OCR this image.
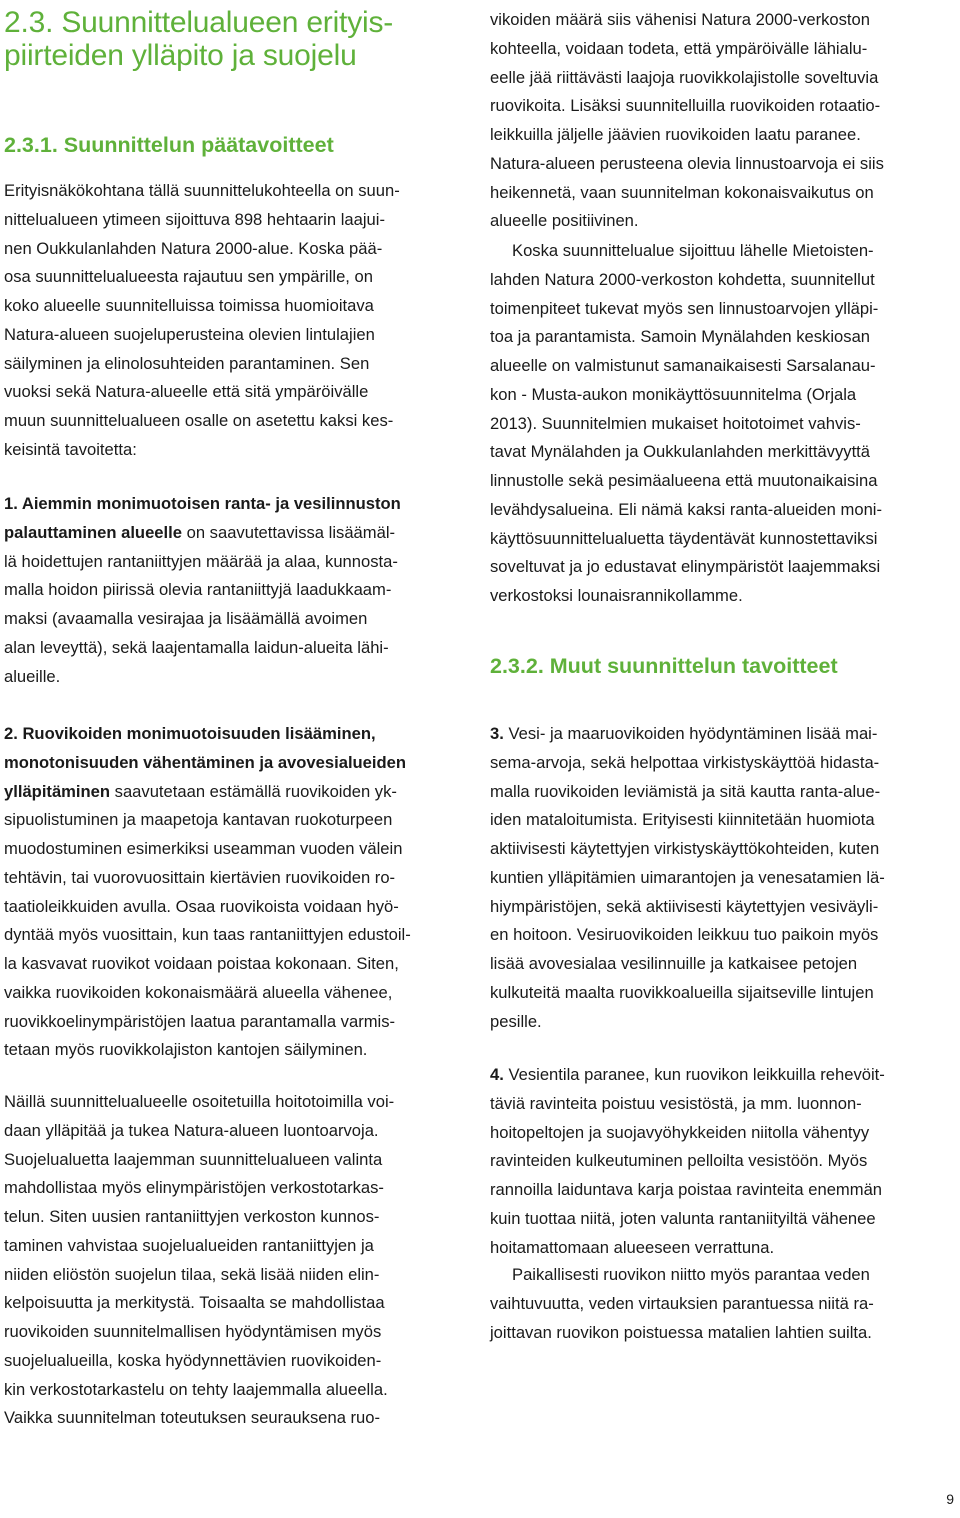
2.3. Suunnittelualueen erityis-
piirteiden ylläpito ja suojelu
2.3.1. Suunnittelun päätavoitteet

Erityisnäkökohtana tällä suunnittelukohteella on suun-
nittelualueen ytimeen sijoittuva 898 hehtaarin laajui-
nen Oukkulanlahden Natura 2000-alue. Koska pää-
osa suunnittelualueesta rajautuu sen ympärille, on
koko alueelle suunnitelluissa toimissa huomioitava
Natura-alueen suojeluperusteina olevien lintulajien
säilyminen ja elinolosuhteiden parantaminen. Sen
vuoksi sekä Natura-alueelle että sitä ympäröivälle
muun suunnittelualueen osalle on asetettu kaksi kes-
keisintä tavoitetta:

1. Aiemmin monimuotoisen ranta- ja vesilinnuston
palauttaminen alueelle on saavutettavissa lisäämäl-
lä hoidettujen rantaniittyjen määrää ja alaa, kunnosta-
malla hoidon piirissä olevia rantaniittyjä laadukkaam-
maksi (avaamalla vesirajaa ja lisäämällä avoimen
alan leveyttä), sekä laajentamalla laidun-alueita lähi-
alueille.

2. Ruovikoiden monimuotoisuuden lisääminen,
monotonisuuden vähentäminen ja avovesialueiden
ylläpitäminen saavutetaan estämällä ruovikoiden yk-
sipuolistuminen ja maapetoja kantavan ruokoturpeen
muodostuminen esimerkiksi useamman vuoden välein
tehtävin, tai vuorovuosittain kiertävien ruovikoiden ro-
taatioleikkuiden avulla. Osaa ruovikoista voidaan hyö-
dyntää myös vuosittain, kun taas rantaniittyjen edustoil-
la kasvavat ruovikot voidaan poistaa kokonaan. Siten,
vaikka ruovikoiden kokonaismäärä alueella vähenee,
ruovikkoelinympäristöjen laatua parantamalla varmis-
tetaan myös ruovikkolajiston kantojen säilyminen.

Näillä suunnittelualueelle osoitetuilla hoitotoimilla voi-
daan ylläpitää ja tukea Natura-alueen luontoarvoja.
Suojelualuetta laajemman suunnittelualueen valinta
mahdollistaa myös elinympäristöjen verkostotarkas-
telun. Siten uusien rantaniittyjen verkoston kunnos-
taminen vahvistaa suojelualueiden rantaniittyjen ja
niiden eliöstön suojelun tilaa, sekä lisää niiden elin-
kelpoisuutta ja merkitystä. Toisaalta se mahdollistaa
ruovikoiden suunnitelmallisen hyödyntämisen myös
suojelualueilla, koska hyödynnettävien ruovikoiden-
kin verkostotarkastelu on tehty laajemmalla alueella.
Vaikka suunnitelman toteutuksen seurauksena ruo-

vikoiden määrä siis vähenisi Natura 2000-verkoston
kohteella, voidaan todeta, että ympäröivälle lähialu-
eelle jää riittävästi laajoja ruovikkolajistolle soveltuvia
ruovikoita. Lisäksi suunnitelluilla ruovikoiden rotaatio-
leikkuilla jäljelle jäävien ruovikoiden laatu paranee.
Natura-alueen perusteena olevia linnustoarvoja ei siis
heikennetä, vaan suunnitelman kokonaisvaikutus on
alueelle positiivinen.

Koska suunnittelualue sijoittuu lähelle Mietoisten-
lahden Natura 2000-verkoston kohdetta, suunnitellut
toimenpiteet tukevat myös sen linnustoarvojen ylläpi-
toa ja parantamista. Samoin Mynälahden keskiosan
alueelle on valmistunut samanaikaisesti Sarsalanau-
kon - Musta-aukon monikäyttösuunnitelma (Orjala
2013). Suunnitelmien mukaiset hoitotoimet vahvis-
tavat Mynälahden ja Oukkulanlahden merkittävyyttä
linnustolle sekä pesimäalueena että muutonaikaisina
levähdysalueina. Eli nämä kaksi ranta-alueiden moni-
käyttösuunnittelualuetta täydentävät kunnostettaviksi
soveltuvat ja jo edustavat elinympäristöt laajemmaksi
verkostoksi lounaisrannikollamme.

2.3.2. Muut suunnittelun tavoitteet

3. Vesi- ja maaruovikoiden hyödyntäminen lisää mai-
sema-arvoja, sekä helpottaa virkistyskäyttöä hidasta-
malla ruovikoiden leviämistä ja sitä kautta ranta-alue-
iden mataloitumista. Erityisesti kiinnitetään huomiota
aktiivisesti käytettyjen virkistyskäyttökohteiden, kuten
kuntien ylläpitämien uimarantojen ja venesatamien lä-
hiympäristöjen, sekä aktiivisesti käytettyjen vesiväyli-
en hoitoon. Vesiruovikoiden leikkuu tuo paikoin myös
lisää avovesialaa vesilinnuille ja katkaisee petojen
kulkuteitä maalta ruovikkoalueilla sijaitseville lintujen
pesille.

4. Vesientila paranee, kun ruovikon leikkuilla rehevöit-
täviä ravinteita poistuu vesistöstä, ja mm. luonnon-
hoitopeltojen ja suojavyöhykkeiden niitolla vähentyy
ravinteiden kulkeutuminen pelloilta vesistöön. Myös
rannoilla laiduntava karja poistaa ravinteita enemmän
kuin tuottaa niitä, joten valunta rantaniityiltä vähenee
hoitamattomaan alueeseen verrattuna.

Paikallisesti ruovikon niitto myös parantaa veden
vaihtuvuutta, veden virtauksien parantuessa niitä ra-
joittavan ruovikon poistuessa matalien lahtien suilta.

9
